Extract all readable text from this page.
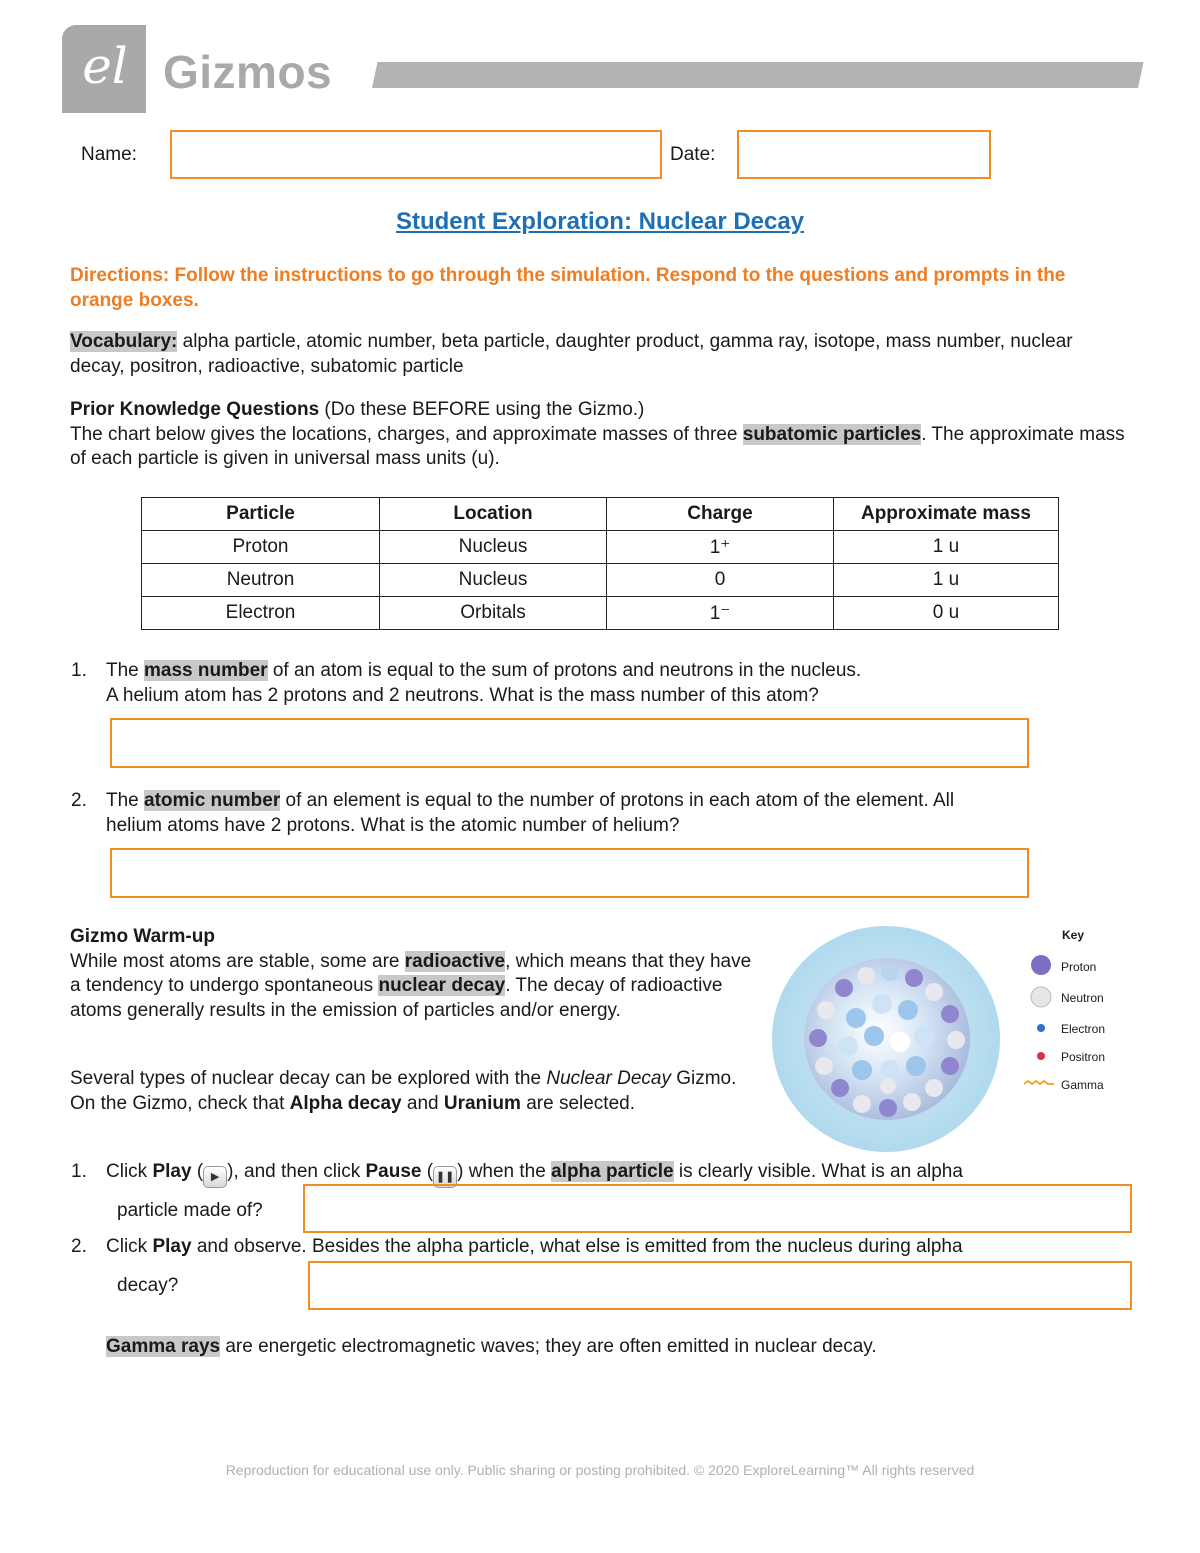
el Gizmos
Name:	Date:
Student Exploration: Nuclear Decay
Directions: Follow the instructions to go through the simulation. Respond to the questions and prompts in the orange boxes.
Vocabulary: alpha particle, atomic number, beta particle, daughter product, gamma ray, isotope, mass number, nuclear decay, positron, radioactive, subatomic particle
Prior Knowledge Questions (Do these BEFORE using the Gizmo.)
The chart below gives the locations, charges, and approximate masses of three subatomic particles. The approximate mass of each particle is given in universal mass units (u).
Particle	Location	Charge	Approximate mass
Proton	Nucleus	1⁺	1 u
Neutron	Nucleus	0	1 u
Electron	Orbitals	1⁻	0 u
1. The mass number of an atom is equal to the sum of protons and neutrons in the nucleus.
A helium atom has 2 protons and 2 neutrons. What is the mass number of this atom?
2. The atomic number of an element is equal to the number of protons in each atom of the element. All
helium atoms have 2 protons. What is the atomic number of helium?
Gizmo Warm-up
While most atoms are stable, some are radioactive, which means that they have a tendency to undergo spontaneous nuclear decay. The decay of radioactive atoms generally results in the emission of particles and/or energy.
Several types of nuclear decay can be explored with the Nuclear Decay Gizmo. On the Gizmo, check that Alpha decay and Uranium are selected.
Key
Proton
Neutron
Electron
Positron
Gamma
1. Click Play ( ▶ ), and then click Pause ( ❚❚ ) when the alpha particle is clearly visible. What is an alpha
particle made of?
2. Click Play and observe. Besides the alpha particle, what else is emitted from the nucleus during alpha
decay?
Gamma rays are energetic electromagnetic waves; they are often emitted in nuclear decay.
Reproduction for educational use only. Public sharing or posting prohibited. © 2020 ExploreLearning™ All rights reserved
